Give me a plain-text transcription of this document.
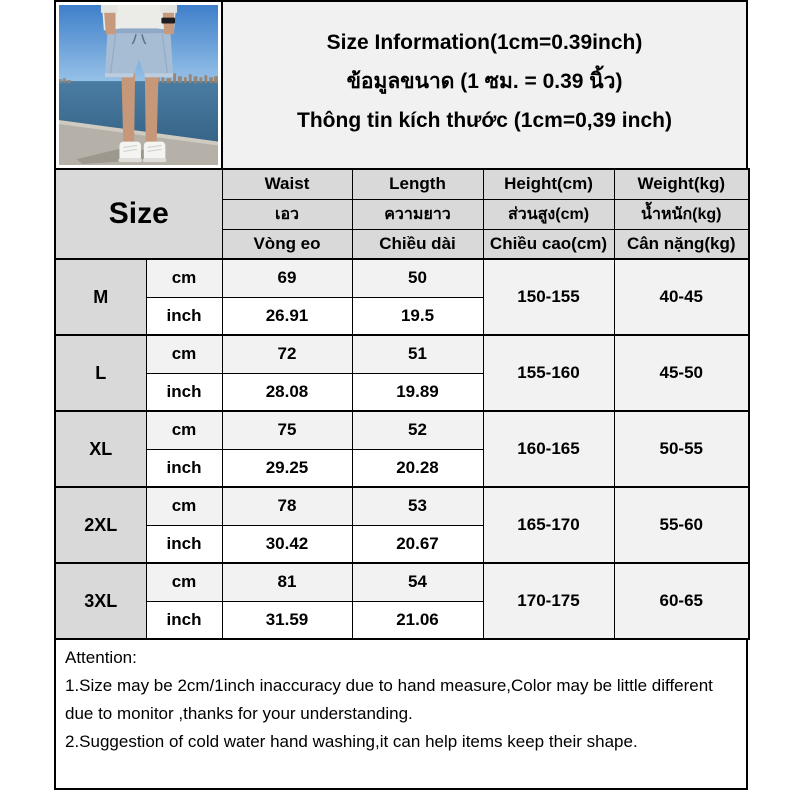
Size Information(1cm=0.39inch)
ข้อมูลขนาด (1 ซม. = 0.39 นิ้ว)
Thông tin kích thước (1cm=0,39 inch)
Size		Waist	Length	Height(cm)	Weight(kg)
		เอว	ความยาว	ส่วนสูง(cm)	น้ำหนัก(kg)
		Vòng eo	Chiều dài	Chiều cao(cm)	Cân nặng(kg)
M	cm	69	50	150-155	40-45
	inch	26.91	19.5		
L	cm	72	51	155-160	45-50
	inch	28.08	19.89		
XL	cm	75	52	160-165	50-55
	inch	29.25	20.28		
2XL	cm	78	53	165-170	55-60
	inch	30.42	20.67		
3XL	cm	81	54	170-175	60-65
	inch	31.59	21.06		
Attention:
1.Size may be 2cm/1inch inaccuracy due to hand measure,Color may be little different due to monitor ,thanks for your understanding.
2.Suggestion of cold water hand washing,it can help items keep their shape.
